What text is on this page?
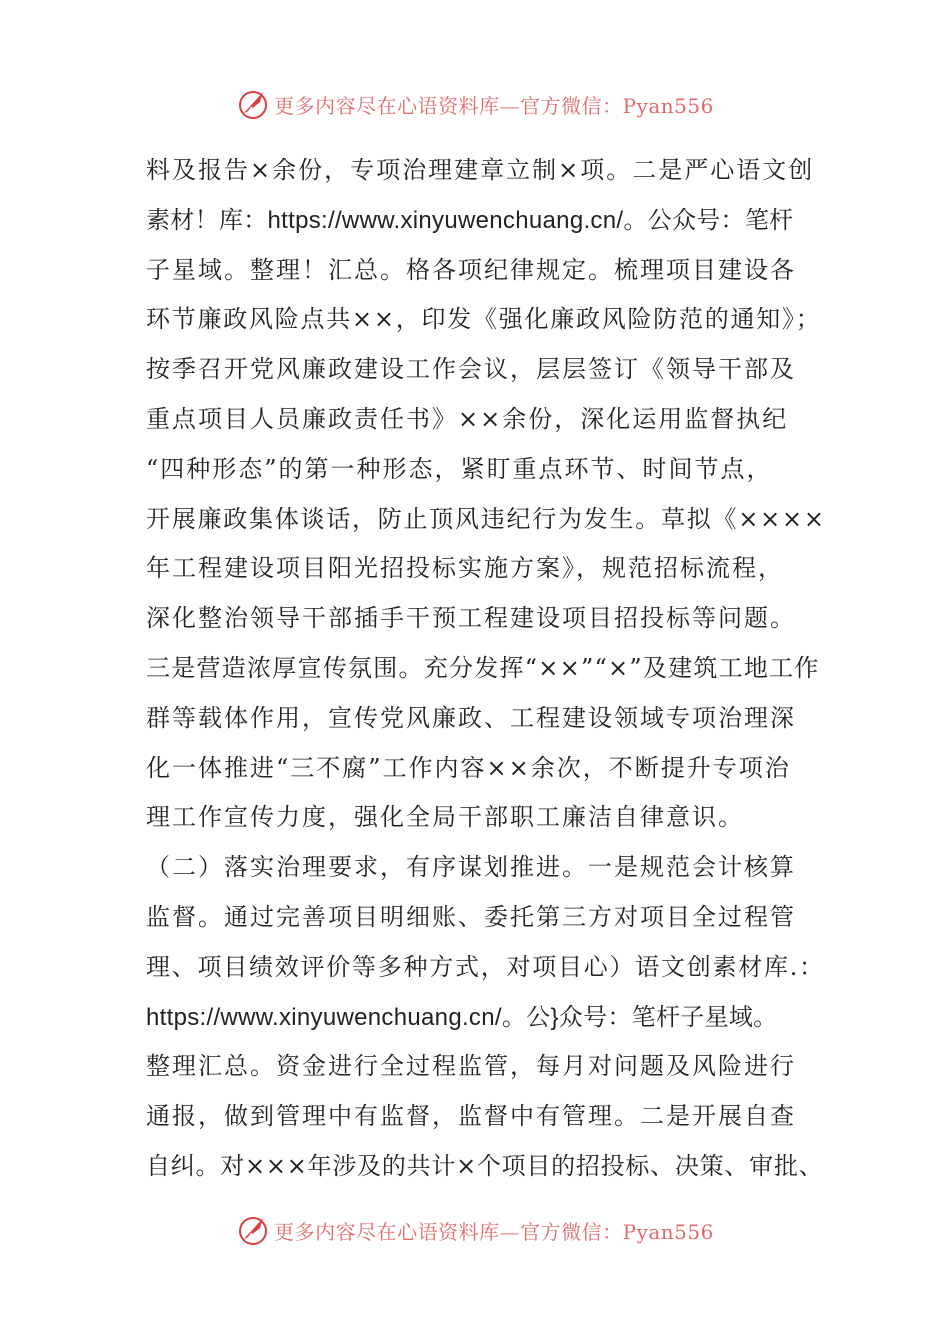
更多内容尽在心语资料库—官方微信：Pyan556
料及报告×余份，专项治理建章立制×项。二是严心语文创
素材！库：https://www.xinyuwenchuang.cn/。公众号：笔杆
子星域。整理！汇总。格各项纪律规定。梳理项目建设各
环节廉政风险点共××，印发《强化廉政风险防范的通知》；
按季召开党风廉政建设工作会议，层层签订《领导干部及
重点项目人员廉政责任书》××余份，深化运用监督执纪
“四种形态”的第一种形态，紧盯重点环节、时间节点，
开展廉政集体谈话，防止顶风违纪行为发生。草拟《××××
年工程建设项目阳光招投标实施方案》，规范招标流程，
深化整治领导干部插手干预工程建设项目招投标等问题。
三是营造浓厚宣传氛围。充分发挥“××”“×”及建筑工地工作
群等载体作用，宣传党风廉政、工程建设领域专项治理深
化一体推进“三不腐”工作内容××余次，不断提升专项治
理工作宣传力度，强化全局干部职工廉洁自律意识。
（二）落实治理要求，有序谋划推进。一是规范会计核算
监督。通过完善项目明细账、委托第三方对项目全过程管
理、项目绩效评价等多种方式，对项目心）语文创素材库.：
https://www.xinyuwenchuang.cn/。公}众号：笔杆子星域。
整理汇总。资金进行全过程监管，每月对问题及风险进行
通报，做到管理中有监督，监督中有管理。二是开展自查
自纠。对×××年涉及的共计×个项目的招投标、决策、审批、
更多内容尽在心语资料库—官方微信：Pyan556
